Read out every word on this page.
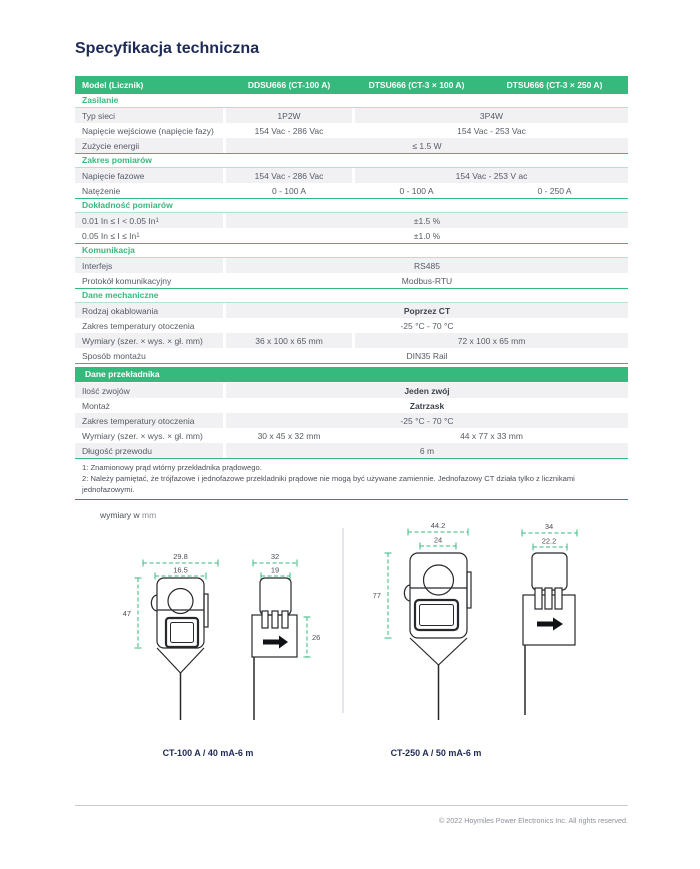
Specyfikacja techniczna
Model (Licznik)	DDSU666 (CT-100 A)	DTSU666 (CT-3 × 100 A)	DTSU666 (CT-3 × 250 A)
Zasilanie
Typ sieci	1P2W	3P4W
Napięcie wejściowe (napięcie fazy)	154 Vac - 286 Vac	154 Vac - 253 Vac
Zużycie energii	≤ 1.5 W
Zakres pomiarów
Napięcie fazowe	154 Vac - 286 Vac	154 Vac - 253 V ac
Natężenie	0 - 100 A	0 - 100 A	0 - 250 A
Dokładność pomiarów
0.01 In ≤ I < 0.05 In 1	±1.5 %
0.05 In ≤ I ≤ In 1	±1.0 %
Komunikacja
Interfejs	RS485
Protokół komunikacyjny	Modbus-RTU
Dane mechaniczne
Rodzaj okablowania	Poprzez CT
Zakres temperatury otoczenia	-25 °C - 70 °C
Wymiary (szer. × wys. × gł. mm)	36 x 100 x 65 mm	72 x 100 x 65 mm
Sposób montażu	DIN35 Rail
Dane przekładnika
Ilość zwojów	Jeden zwój
Montaż	Zatrzask
Zakres temperatury otoczenia	-25 °C - 70 °C
Wymiary (szer. × wys. × gł. mm)	30 x 45 x 32 mm	44 x 77 x 33 mm
Długość przewodu	6 m
1: Znamionowy prąd wtórny przekładnika prądowego.
2: Należy pamiętać, że trójfazowe i jednofazowe przekladniki prądowe nie mogą być używane zamiennie. Jednofazowy CT działa tylko z licznikami jednofazowymi.
wymiary w mm
29.8
16.5
47
32
19
26
44.2
24
77
34
22.2
CT-100 A / 40 mA-6 m	CT-250 A / 50 mA-6 m
© 2022 Hoymiles Power Electronics Inc. All rights reserved.
